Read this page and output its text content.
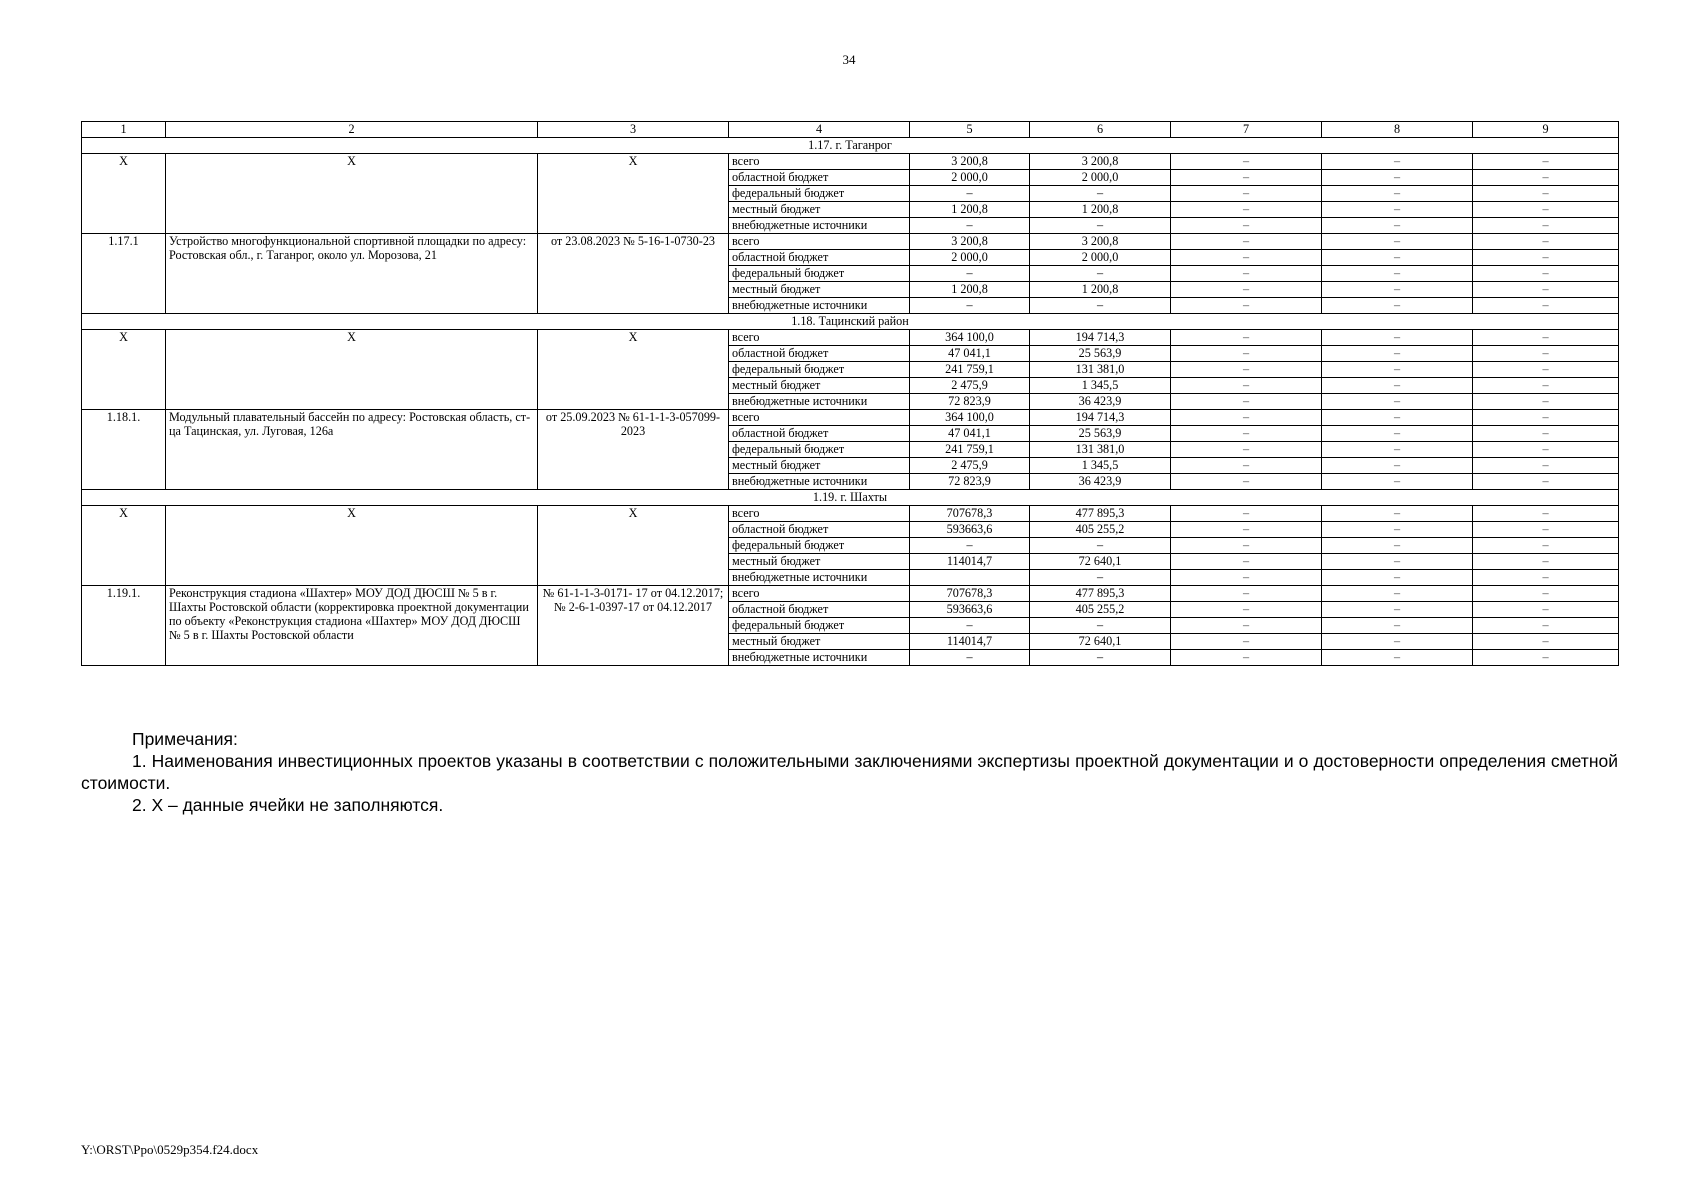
34
1	2	3	4	5	6	7	8	9
1.17. г. Таганрог								
Х	Х	Х	всего	3 200,8	3 200,8	–	–	–
			областной бюджет	2 000,0	2 000,0	–	–	–
			федеральный бюджет	–	–	–	–	–
			местный бюджет	1 200,8	1 200,8	–	–	–
			внебюджетные источники	–	–	–	–	–
1.17.1	Устройство многофункциональной спортивной площадки по адресу: Ростовская обл., г. Таганрог, около ул. Морозова, 21	от 23.08.2023 № 5-16-1-0730-23	всего	3 200,8	3 200,8	–	–	–
			областной бюджет	2 000,0	2 000,0	–	–	–
			федеральный бюджет	–	–	–	–	–
			местный бюджет	1 200,8	1 200,8	–	–	–
			внебюджетные источники	–	–	–	–	–
1.18. Тацинский район								
Х	Х	Х	всего	364 100,0	194 714,3	–	–	–
			областной бюджет	47 041,1	25 563,9	–	–	–
			федеральный бюджет	241 759,1	131 381,0	–	–	–
			местный бюджет	2 475,9	1 345,5	–	–	–
			внебюджетные источники	72 823,9	36 423,9	–	–	–
1.18.1.	Модульный плавательный бассейн по адресу: Ростовская область, ст-ца Тацинская, ул. Луговая, 126а	от 25.09.2023 № 61-1-1-3-057099-2023	всего	364 100,0	194 714,3	–	–	–
			областной бюджет	47 041,1	25 563,9	–	–	–
			федеральный бюджет	241 759,1	131 381,0	–	–	–
			местный бюджет	2 475,9	1 345,5	–	–	–
			внебюджетные источники	72 823,9	36 423,9	–	–	–
1.19. г. Шахты								
Х	Х	Х	всего	707678,3	477 895,3	–	–	–
			областной бюджет	593663,6	405 255,2	–	–	–
			федеральный бюджет	–	–	–	–	–
			местный бюджет	114014,7	72 640,1	–	–	–
			внебюджетные источники		–	–	–	–
1.19.1.	Реконструкция стадиона «Шахтер» МОУ ДОД ДЮСШ № 5 в г. Шахты Ростовской области (корректировка проектной документации по объекту «Реконструкция стадиона «Шахтер» МОУ ДОД ДЮСШ № 5 в г. Шахты Ростовской области	№ 61-1-1-3-0171- 17 от 04.12.2017; № 2-6-1-0397-17 от 04.12.2017	всего	707678,3	477 895,3	–	–	–
			областной бюджет	593663,6	405 255,2	–	–	–
			федеральный бюджет	–	–	–	–	–
			местный бюджет	114014,7	72 640,1	–	–	–
			внебюджетные источники	–	–	–	–	–

Примечания:

1. Наименования инвестиционных проектов указаны в соответствии с положительными заключениями экспертизы проектной документации и о достоверности определения сметной стоимости.

2. Х – данные ячейки не заполняются.

Y:\ORST\Ppo\0529p354.f24.docx
